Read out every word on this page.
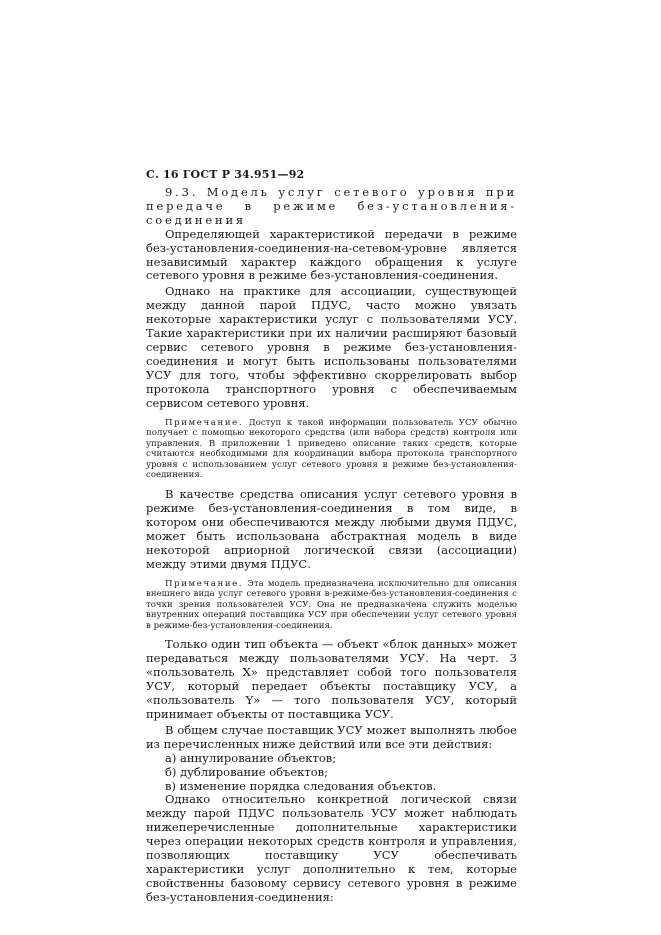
С. 16 ГОСТ Р 34.951—92

9.3. Модель услуг сетевого уровня при передаче в режиме без-установления-соединения

Определяющей характеристикой передачи в режиме без-установления-соединения-на-сетевом-уровне является независимый характер каждого обращения к услуге сетевого уровня в режиме без-установления-соединения.

Однако на практике для ассоциации, существующей между данной парой ПДУС, часто можно увязать некоторые характеристики услуг с пользователями УСУ. Такие характеристики при их наличии расширяют базовый сервис сетевого уровня в режиме без-установления-соединения и могут быть использованы пользователями УСУ для того, чтобы эффективно скоррелировать выбор протокола транспортного уровня с обеспечиваемым сервисом сетевого уровня.

Примечание. Доступ к такой информации пользователь УСУ обычно получает с помощью некоторого средства (или набора средств) контроля или управления. В приложении 1 приведено описание таких средств, которые считаются необходимыми для координации выбора протокола транспортного уровня с использованием услуг сетевого уровня в режиме без-установления-соединения.

В качестве средства описания услуг сетевого уровня в режиме без-установления-соединения в том виде, в котором они обеспечиваются между любыми двумя ПДУС, может быть использована абстрактная модель в виде некоторой априорной логической связи (ассоциации) между этими двумя ПДУС.

Примечание. Эта модель предназначена исключительно для описания внешнего вида услуг сетевого уровня в-режиме-без-установления-соединения с точки зрения пользователей УСУ. Она не предназначена служить моделью внутренних операций поставщика УСУ при обеспечении услуг сетевого уровня в режиме-без-установления-соединения.

Только один тип объекта — объект «блок данных» может передаваться между пользователями УСУ. На черт. 3 «пользователь Х» представляет собой того пользователя УСУ, который передает объекты поставщику УСУ, а «пользователь Y» — того пользователя УСУ, который принимает объекты от поставщика УСУ.

В общем случае поставщик УСУ может выполнять любое из перечисленных ниже действий или все эти действия:

а) аннулирование объектов;

б) дублирование объектов;

в) изменение порядка следования объектов.

Однако относительно конкретной логической связи между парой ПДУС пользователь УСУ может наблюдать нижеперечисленные дополнительные характеристики через операции некоторых средств контроля и управления, позволяющих поставщику УСУ обеспечивать характеристики услуг дополнительно к тем, которые свойственны базовому сервису сетевого уровня в режиме без-установления-соединения:
